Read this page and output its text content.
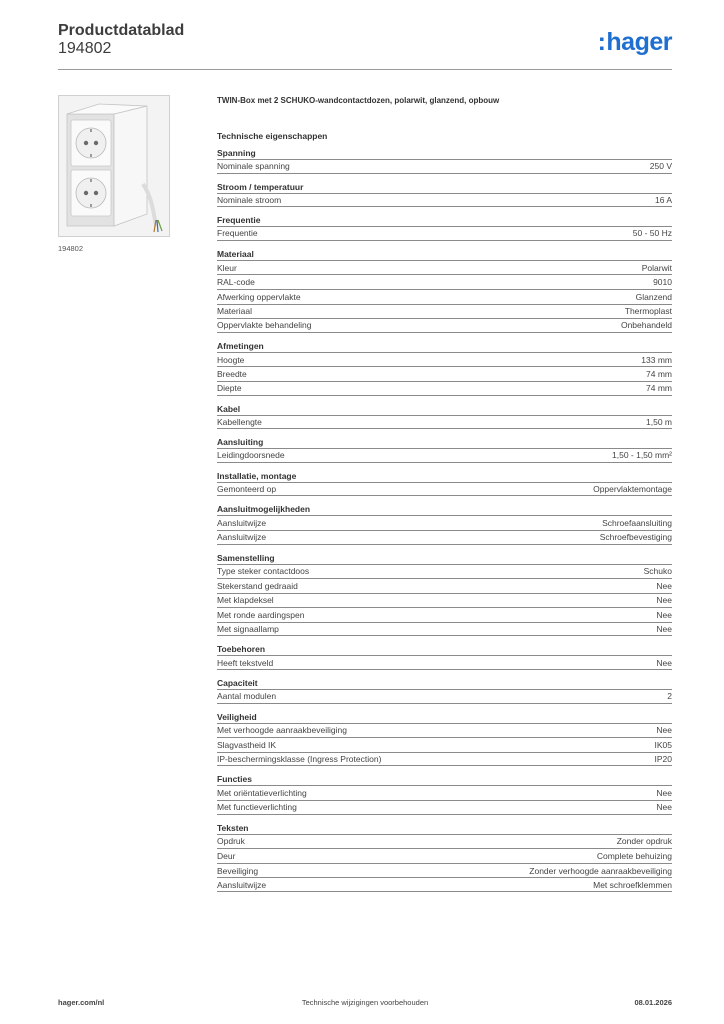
Productdatablad
194802	:hager
194802
TWIN-Box met 2 SCHUKO-wandcontactdozen, polarwit, glanzend, opbouw
Technische eigenschappen
Spanning
Nominale spanning	250 V
Stroom / temperatuur
Nominale stroom	16 A
Frequentie
Frequentie	50 - 50 Hz
Materiaal
Kleur	Polarwit
RAL-code	9010
Afwerking oppervlakte	Glanzend
Materiaal	Thermoplast
Oppervlakte behandeling	Onbehandeld
Afmetingen
Hoogte	133 mm
Breedte	74 mm
Diepte	74 mm
Kabel
Kabellengte	1,50 m
Aansluiting
Leidingdoorsnede	1,50 - 1,50 mm²
Installatie, montage
Gemonteerd op	Oppervlaktemontage
Aansluitmogelijkheden
Aansluitwijze	Schroefaansluiting
Aansluitwijze	Schroefbevestiging
Samenstelling
Type steker contactdoos	Schuko
Stekerstand gedraaid	Nee
Met klapdeksel	Nee
Met ronde aardingspen	Nee
Met signaallamp	Nee
Toebehoren
Heeft tekstveld	Nee
Capaciteit
Aantal modulen	2
Veiligheid
Met verhoogde aanraakbeveiliging	Nee
Slagvastheid IK	IK05
IP-beschermingsklasse (Ingress Protection)	IP20
Functies
Met oriëntatieverlichting	Nee
Met functieverlichting	Nee
Teksten
Opdruk	Zonder opdruk
Deur	Complete behuizing
Beveiliging	Zonder verhoogde aanraakbeveiliging
Aansluitwijze	Met schroefklemmen
hager.com/nl	Technische wijzigingen voorbehouden	08.01.2026
